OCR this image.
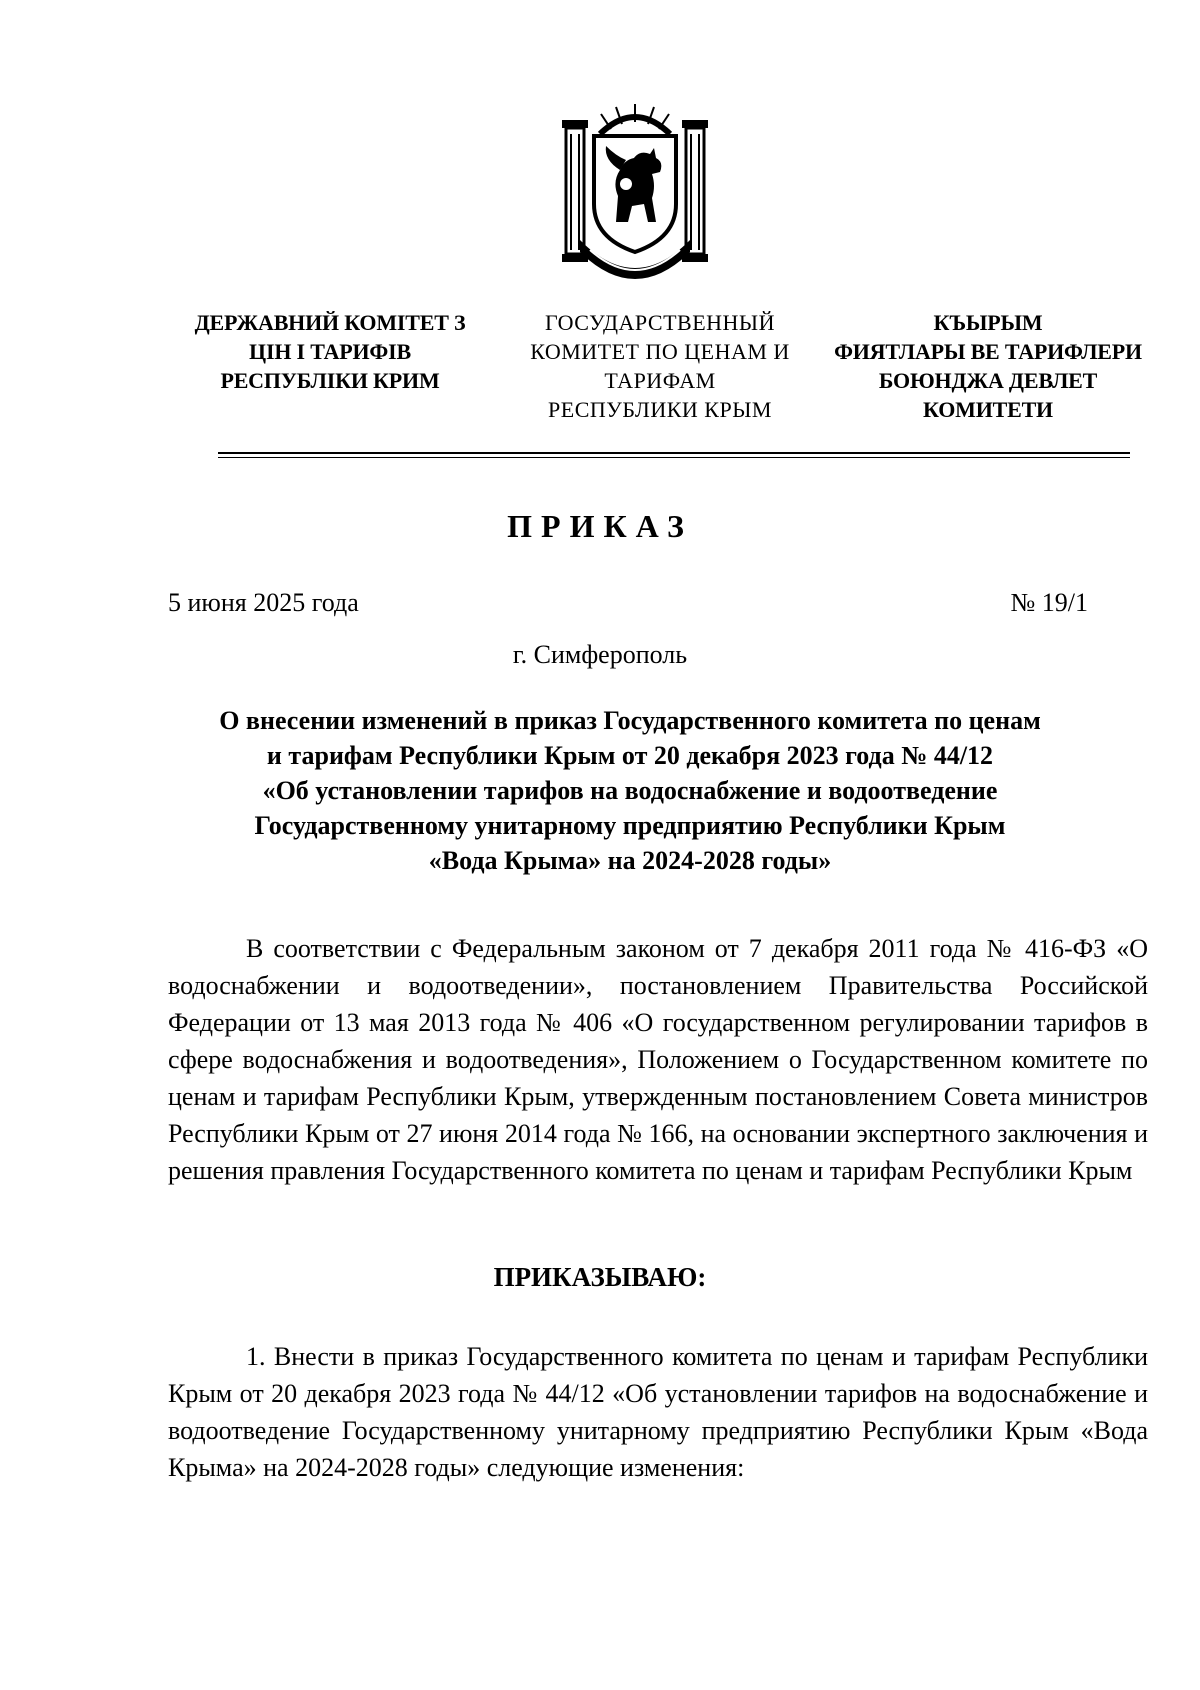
ДЕРЖАВНИЙ КОМІТЕТ З
ЦІН І ТАРИФІВ
РЕСПУБЛІКИ КРИМ
ГОСУДАРСТВЕННЫЙ
КОМИТЕТ ПО ЦЕНАМ И
ТАРИФАМ
РЕСПУБЛИКИ КРЫМ
КЪЫРЫМ
ФИЯТЛАРЫ ВЕ ТАРИФЛЕРИ
БОЮНДЖА ДЕВЛЕТ
КОМИТЕТИ
ПРИКАЗ
5 июня 2025 года	№ 19/1
г. Симферополь
О внесении изменений в приказ Государственного комитета по ценам
и тарифам Республики Крым от 20 декабря 2023 года № 44/12
«Об установлении тарифов на водоснабжение и водоотведение
Государственному унитарному предприятию Республики Крым
«Вода Крыма» на 2024-2028 годы»

В соответствии с Федеральным законом от 7 декабря 2011 года № 416-ФЗ «О водоснабжении и водоотведении», постановлением Правительства Российской Федерации от 13 мая 2013 года № 406 «О государственном регулировании тарифов в сфере водоснабжения и водоотведения», Положением о Государственном комитете по ценам и тарифам Республики Крым, утвержденным постановлением Совета министров Республики Крым от 27 июня 2014 года № 166, на основании экспертного заключения и решения правления Государственного комитета по ценам и тарифам Республики Крым

ПРИКАЗЫВАЮ:

1. Внести в приказ Государственного комитета по ценам и тарифам Республики Крым от 20 декабря 2023 года № 44/12 «Об установлении тарифов на водоснабжение и водоотведение Государственному унитарному предприятию Республики Крым «Вода Крыма» на 2024-2028 годы» следующие изменения:
